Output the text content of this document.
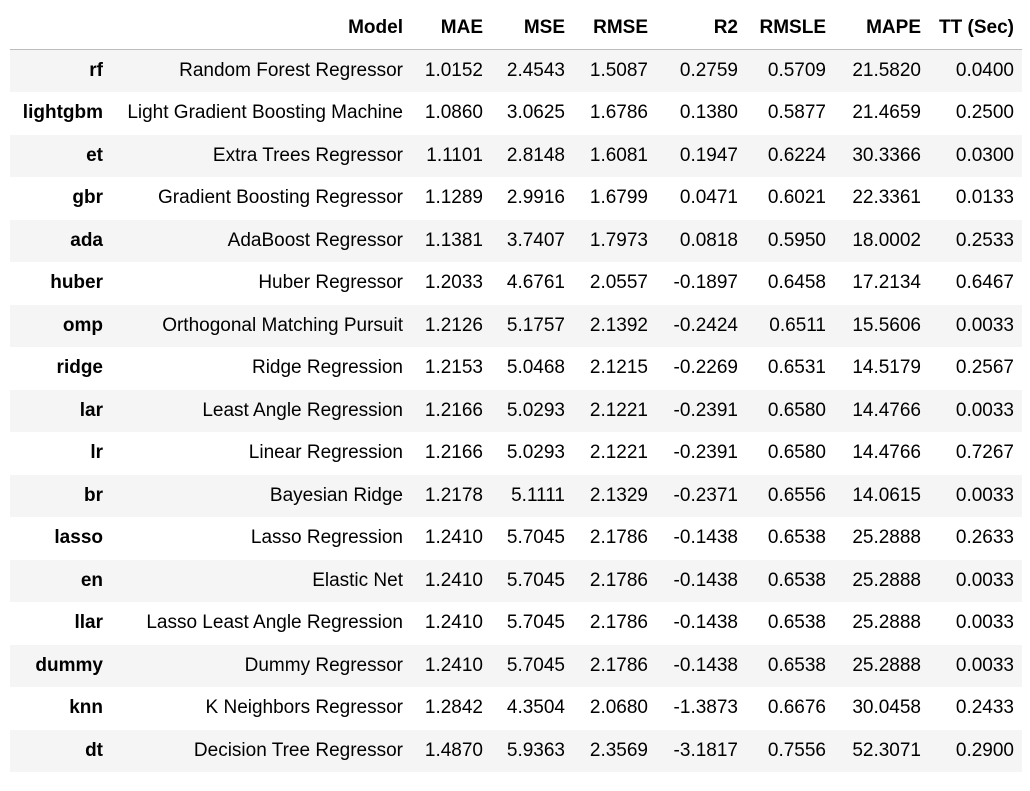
	Model	MAE	MSE	RMSE	R2	RMSLE	MAPE	TT (Sec)
rf	Random Forest Regressor	1.0152	2.4543	1.5087	0.2759	0.5709	21.5820	0.0400
lightgbm	Light Gradient Boosting Machine	1.0860	3.0625	1.6786	0.1380	0.5877	21.4659	0.2500
et	Extra Trees Regressor	1.1101	2.8148	1.6081	0.1947	0.6224	30.3366	0.0300
gbr	Gradient Boosting Regressor	1.1289	2.9916	1.6799	0.0471	0.6021	22.3361	0.0133
ada	AdaBoost Regressor	1.1381	3.7407	1.7973	0.0818	0.5950	18.0002	0.2533
huber	Huber Regressor	1.2033	4.6761	2.0557	-0.1897	0.6458	17.2134	0.6467
omp	Orthogonal Matching Pursuit	1.2126	5.1757	2.1392	-0.2424	0.6511	15.5606	0.0033
ridge	Ridge Regression	1.2153	5.0468	2.1215	-0.2269	0.6531	14.5179	0.2567
lar	Least Angle Regression	1.2166	5.0293	2.1221	-0.2391	0.6580	14.4766	0.0033
lr	Linear Regression	1.2166	5.0293	2.1221	-0.2391	0.6580	14.4766	0.7267
br	Bayesian Ridge	1.2178	5.1111	2.1329	-0.2371	0.6556	14.0615	0.0033
lasso	Lasso Regression	1.2410	5.7045	2.1786	-0.1438	0.6538	25.2888	0.2633
en	Elastic Net	1.2410	5.7045	2.1786	-0.1438	0.6538	25.2888	0.0033
llar	Lasso Least Angle Regression	1.2410	5.7045	2.1786	-0.1438	0.6538	25.2888	0.0033
dummy	Dummy Regressor	1.2410	5.7045	2.1786	-0.1438	0.6538	25.2888	0.0033
knn	K Neighbors Regressor	1.2842	4.3504	2.0680	-1.3873	0.6676	30.0458	0.2433
dt	Decision Tree Regressor	1.4870	5.9363	2.3569	-3.1817	0.7556	52.3071	0.2900
